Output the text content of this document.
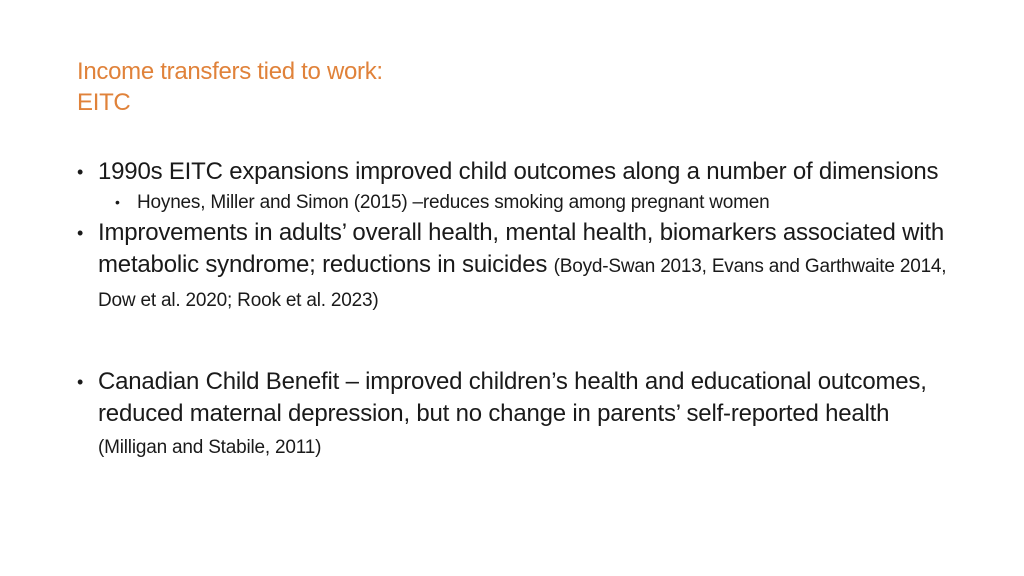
Income transfers tied to work:
EITC
• 1990s EITC expansions improved child outcomes along a number of dimensions
• Hoynes, Miller and Simon (2015) –reduces smoking among pregnant women
• Improvements in adults’ overall health, mental health, biomarkers associated with metabolic syndrome; reductions in suicides (Boyd-Swan 2013, Evans and Garthwaite 2014, Dow et al. 2020; Rook et al. 2023)
• Canadian Child Benefit – improved children’s health and educational outcomes, reduced maternal depression, but no change in parents’ self-reported health (Milligan and Stabile, 2011)
